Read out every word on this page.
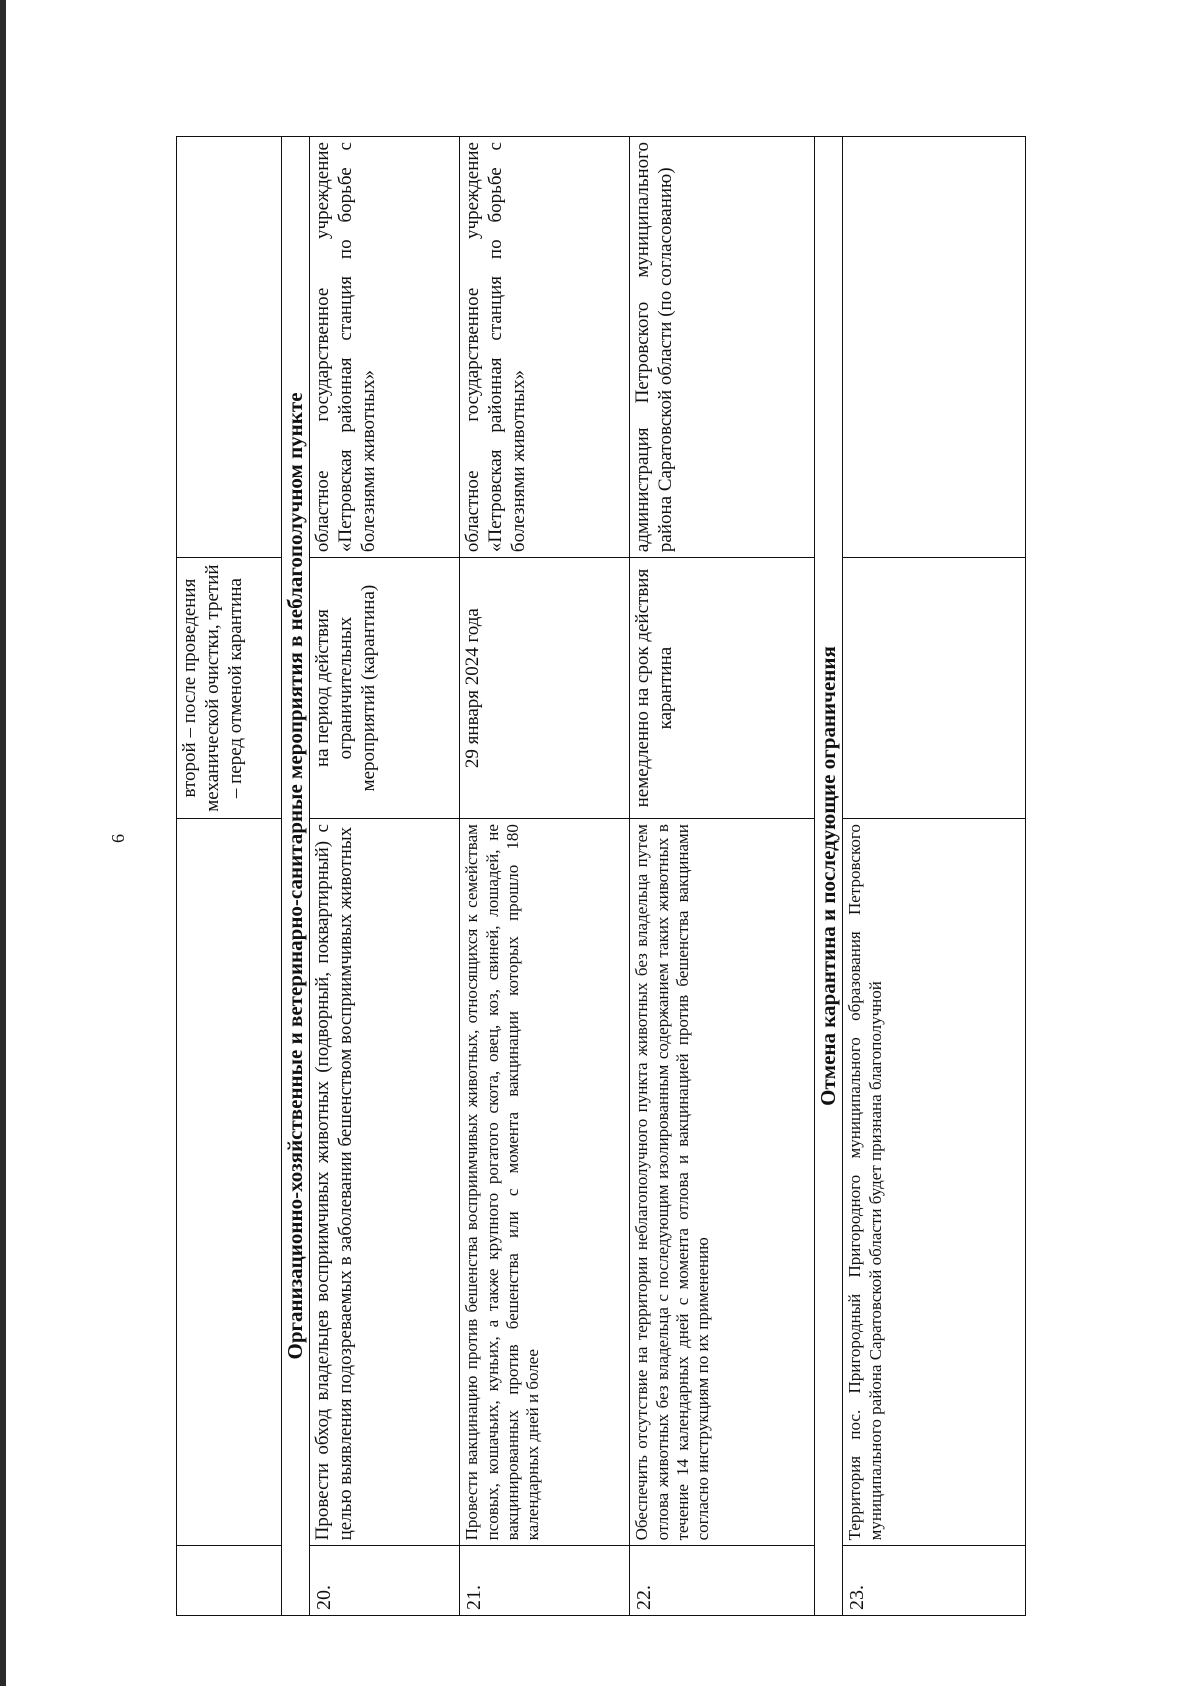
6
		второй – после проведения механической очистки, третий – перед отменой карантина	
Организационно-хозяйственные и ветеринарно-санитарные мероприятия в неблагополучном пункте			
20.	Провести обход владельцев восприимчивых животных (подворный, поквартирный) с целью выявления подозреваемых в заболевании бешенством восприимчивых животных	на период действия ограничительных мероприятий (карантина)	областное государственное учреждение «Петровская районная станция по борьбе с болезнями животных»
21.	Провести вакцинацию против бешенства восприимчивых животных, относящихся к семействам псовых, кошачьих, куньих, а также крупного рогатого скота, овец, коз, свиней, лошадей, не вакцинированных против бешенства или с момента вакцинации которых прошло 180 календарных дней и более	29 января 2024 года	областное государственное учреждение «Петровская районная станция по борьбе с болезнями животных»
22.	Обеспечить отсутствие на территории неблагополучного пункта животных без владельца путем отлова животных без владельца с последующим изолированным содержанием таких животных в течение 14 календарных дней с момента отлова и вакцинацией против бешенства вакцинами согласно инструкциям по их применению	немедленно на срок действия карантина	администрация Петровского муниципального района Саратовской области (по согласованию)
Отмена карантина и последующие ограничения			
23.	Территория пос. Пригородный Пригородного муниципального образования Петровского муниципального района Саратовской области будет признана благополучной		
